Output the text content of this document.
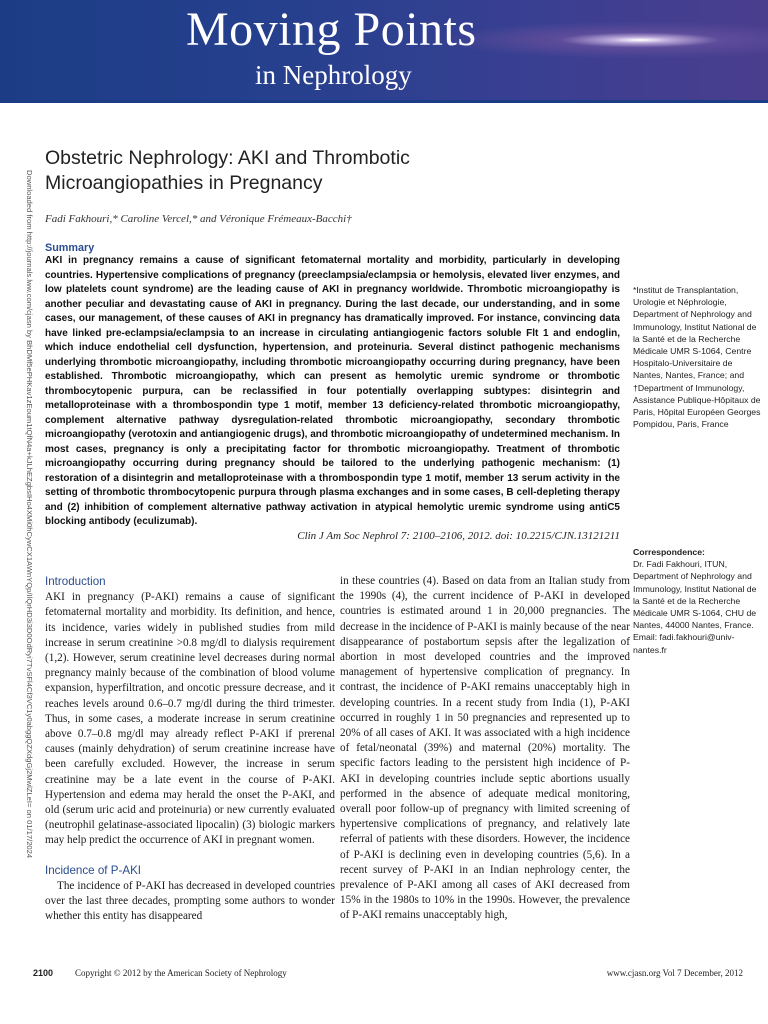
Moving Points
in Nephrology
Downloaded from http://journals.lww.com/cjasn by BhDMf5ePHKav1zEoum1tQfN4a+kJLhEZgbsIHo4XMi0hCywCX1AWnYQp/IlQrHD3i3D0OdRyi7TvSFl4Cf3VC1y0abggQZXdgGj2MwlZLeI= on 01/17/2024
Obstetric Nephrology: AKI and Thrombotic Microangiopathies in Pregnancy
Fadi Fakhouri,* Caroline Vercel,* and Véronique Frémeaux-Bacchi†
Summary

AKI in pregnancy remains a cause of significant fetomaternal mortality and morbidity, particularly in developing countries. Hypertensive complications of pregnancy (preeclampsia/eclampsia or hemolysis, elevated liver enzymes, and low platelets count syndrome) are the leading cause of AKI in pregnancy worldwide. Thrombotic microangiopathy is another peculiar and devastating cause of AKI in pregnancy. During the last decade, our understanding, and in some cases, our management, of these causes of AKI in pregnancy has dramatically improved. For instance, convincing data have linked pre-eclampsia/eclampsia to an increase in circulating antiangiogenic factors soluble Flt 1 and endoglin, which induce endothelial cell dysfunction, hypertension, and proteinuria. Several distinct pathogenic mechanisms underlying thrombotic microangiopathy, including thrombotic microangiopathy occurring during pregnancy, have been established. Thrombotic microangiopathy, which can present as hemolytic uremic syndrome or thrombotic thrombocytopenic purpura, can be reclassified in four potentially overlapping subtypes: disintegrin and metalloproteinase with a thrombospondin type 1 motif, member 13 deficiency-related thrombotic microangiopathy, complement alternative pathway dysregulation-related thrombotic microangiopathy, secondary thrombotic microangiopathy (verotoxin and antiangiogenic drugs), and thrombotic microangiopathy of undetermined mechanism. In most cases, pregnancy is only a precipitating factor for thrombotic microangiopathy. Treatment of thrombotic microangiopathy occurring during pregnancy should be tailored to the underlying pathogenic mechanism: (1) restoration of a disintegrin and metalloproteinase with a thrombospondin type 1 motif, member 13 serum activity in the setting of thrombotic thrombocytopenic purpura through plasma exchanges and in some cases, B cell-depleting therapy and (2) inhibition of complement alternative pathway activation in atypical hemolytic uremic syndrome using antiC5 blocking antibody (eculizumab).

Clin J Am Soc Nephrol 7: 2100–2106, 2012. doi: 10.2215/CJN.13121211
*Institut de Transplantation, Urologie et Néphrologie, Department of Nephrology and Immunology, Institut National de la Santé et de la Recherche Médicale UMR S-1064, Centre Hospitalo-Universitaire de Nantes, Nantes, France; and †Department of Immunology, Assistance Publique-Hôpitaux de Paris, Hôpital Européen Georges Pompidou, Paris, France
Correspondence:
Dr. Fadi Fakhouri, ITUN, Department of Nephrology and Immunology, Institut National de la Santé et de la Recherche Médicale UMR S-1064, CHU de Nantes, 44000 Nantes, France. Email: fadi.fakhouri@univ-nantes.fr
Introduction

AKI in pregnancy (P-AKI) remains a cause of significant fetomaternal mortality and morbidity. Its definition, and hence, its incidence, varies widely in published studies from mild increase in serum creatinine >0.8 mg/dl to dialysis requirement (1,2). However, serum creatinine level decreases during normal pregnancy mainly because of the combination of blood volume expansion, hyperfiltration, and oncotic pressure decrease, and it reaches levels around 0.6–0.7 mg/dl during the third trimester. Thus, in some cases, a moderate increase in serum creatinine above 0.7–0.8 mg/dl may already reflect P-AKI if prerenal causes (mainly dehydration) of serum creatinine increase have been carefully excluded. However, the increase in serum creatinine may be a late event in the course of P-AKI. Hypertension and edema may herald the onset the P-AKI, and old (serum uric acid and proteinuria) or new currently evaluated (neutrophil gelatinase-associated lipocalin) (3) biologic markers may help predict the occurrence of AKI in pregnant women.

Incidence of P-AKI

The incidence of P-AKI has decreased in developed countries over the last three decades, prompting some authors to wonder whether this entity has disappeared

in these countries (4). Based on data from an Italian study from the 1990s (4), the current incidence of P-AKI in developed countries is estimated around 1 in 20,000 pregnancies. The decrease in the incidence of P-AKI is mainly because of the near disappearance of postabortum sepsis after the legalization of abortion in most developed countries and the improved management of hypertensive complication of pregnancy. In contrast, the incidence of P-AKI remains unacceptably high in developing countries. In a recent study from India (1), P-AKI occurred in roughly 1 in 50 pregnancies and represented up to 20% of all cases of AKI. It was associated with a high incidence of fetal/neonatal (39%) and maternal (20%) mortality. The specific factors leading to the persistent high incidence of P-AKI in developing countries include septic abortions usually performed in the absence of adequate medical monitoring, overall poor follow-up of pregnancy with limited screening of hypertensive complications of pregnancy, and relatively late referral of patients with these disorders. However, the incidence of P-AKI is declining even in developing countries (5,6). In a recent survey of P-AKI in an Indian nephrology center, the prevalence of P-AKI among all cases of AKI decreased from 15% in the 1980s to 10% in the 1990s. However, the prevalence of P-AKI remains unacceptably high,

2100 Copyright © 2012 by the American Society of Nephrology	www.cjasn.org Vol 7 December, 2012
